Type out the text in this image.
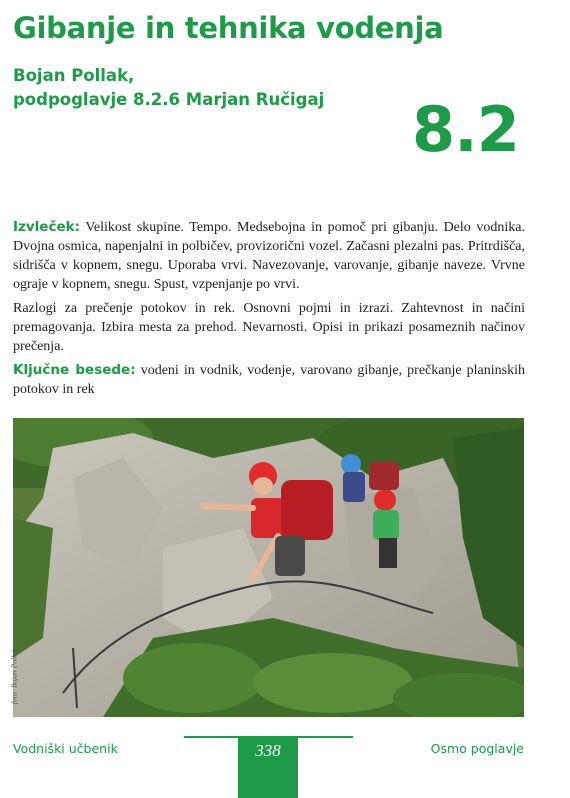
Gibanje in tehnika vodenja
Bojan Pollak,
podpoglavje 8.2.6 Marjan Ručigaj 8.2

Izvleček: Velikost skupine. Tempo. Medsebojna in pomoč pri gibanju. Delo vodnika. Dvojna osmica, napenjalni in polbičev, provizorični vozel. Začasni plezalni pas. Pritrdišča, sidrišča v kopnem, snegu. Uporaba vrvi. Navezovanje, varovanje, gibanje naveze. Vrvne ograje v kopnem, snegu. Spust, vzpenjanje po vrvi.

Razlogi za prečenje potokov in rek. Osnovni pojmi in izrazi. Zahtevnost in načini premagovanja. Izbira mesta za prehod. Nevarnosti. Opisi in prikazi posameznih načinov prečenja.

Ključne besede: vodeni in vodnik, vodenje, varovano gibanje, prečkanje planinskih potokov in rek

foto: Bojan Pollak
Vodniški učbenik	338	Osmo poglavje
